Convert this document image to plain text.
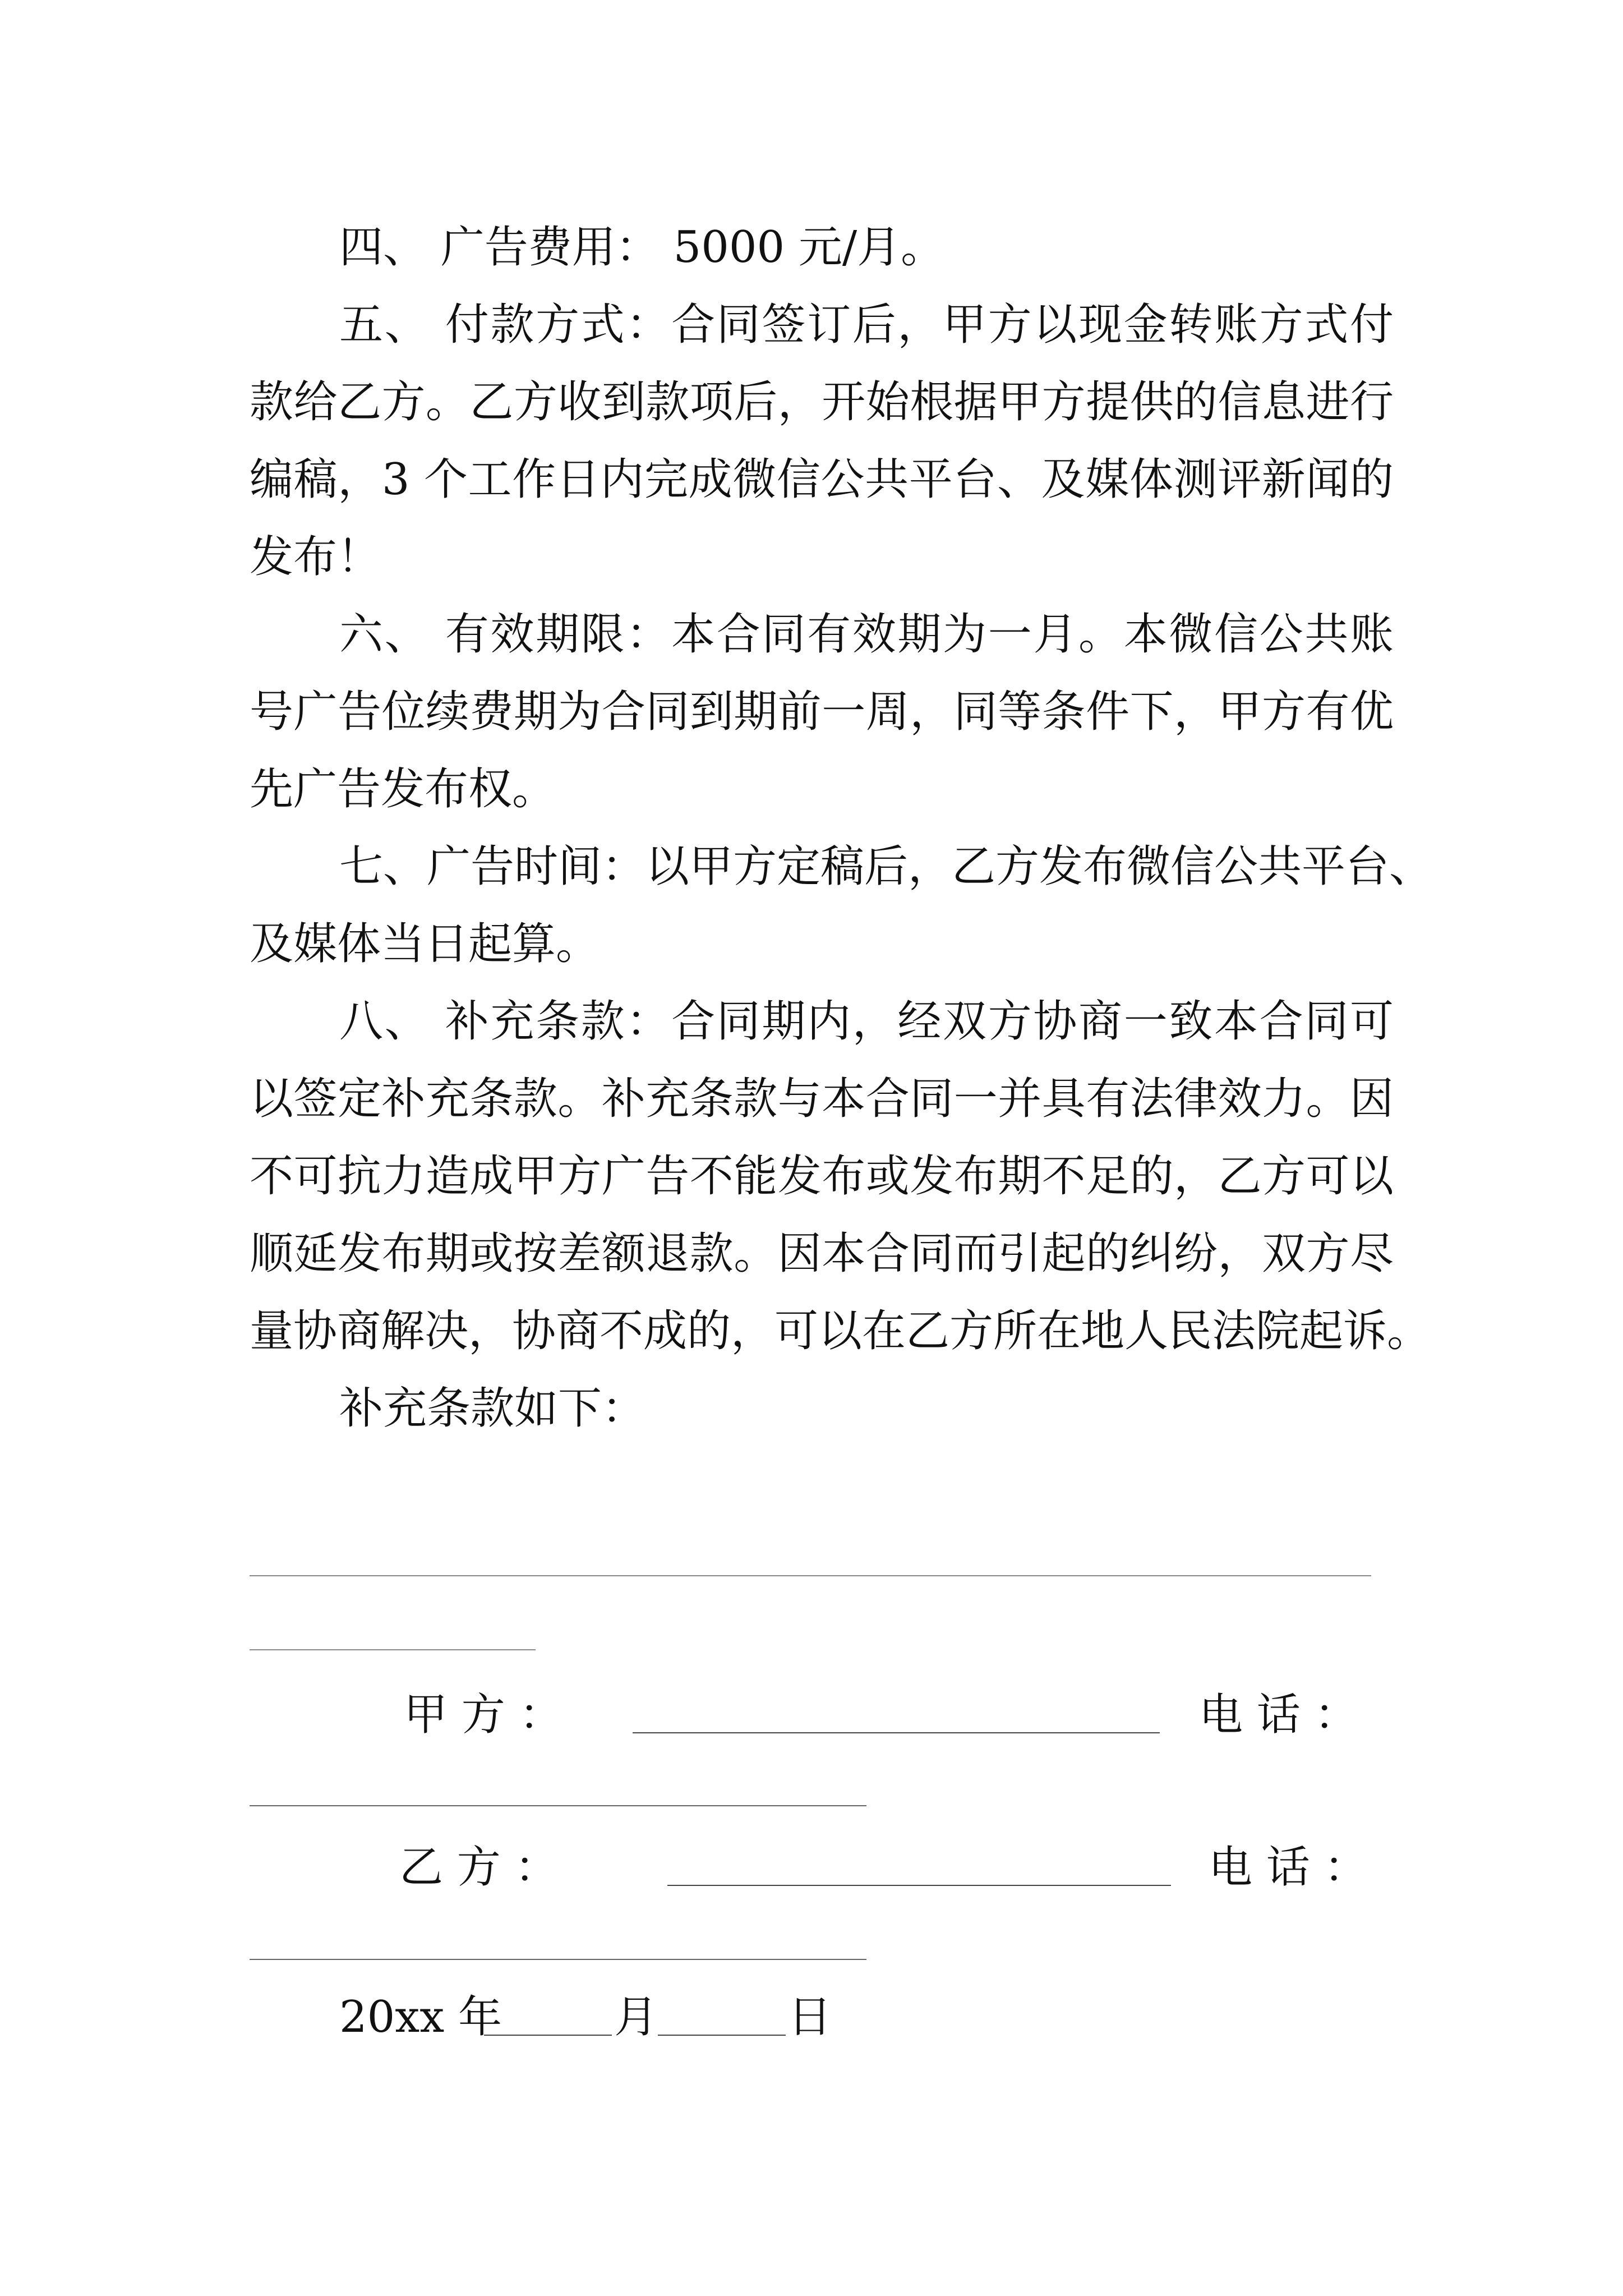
四、 广告费用： 5000 元/月。
五、 付款方式：合同签订后，甲方以现金转账方式付
款给乙方。乙方收到款项后，开始根据甲方提供的信息进行
编稿，3 个工作日内完成微信公共平台、及媒体测评新闻的
发布！
六、 有效期限：本合同有效期为一月。本微信公共账
号广告位续费期为合同到期前一周，同等条件下，甲方有优
先广告发布权。
七、广告时间：以甲方定稿后，乙方发布微信公共平台、
及媒体当日起算。
八、 补充条款：合同期内，经双方协商一致本合同可
以签定补充条款。补充条款与本合同一并具有法律效力。因
不可抗力造成甲方广告不能发布或发布期不足的，乙方可以
顺延发布期或按差额退款。因本合同而引起的纠纷，双方尽
量协商解决，协商不成的，可以在乙方所在地人民法院起诉。
补充条款如下：
甲 方 ：	电 话 ：
乙 方 ：	电 话 ：
20xx 年	月	日
